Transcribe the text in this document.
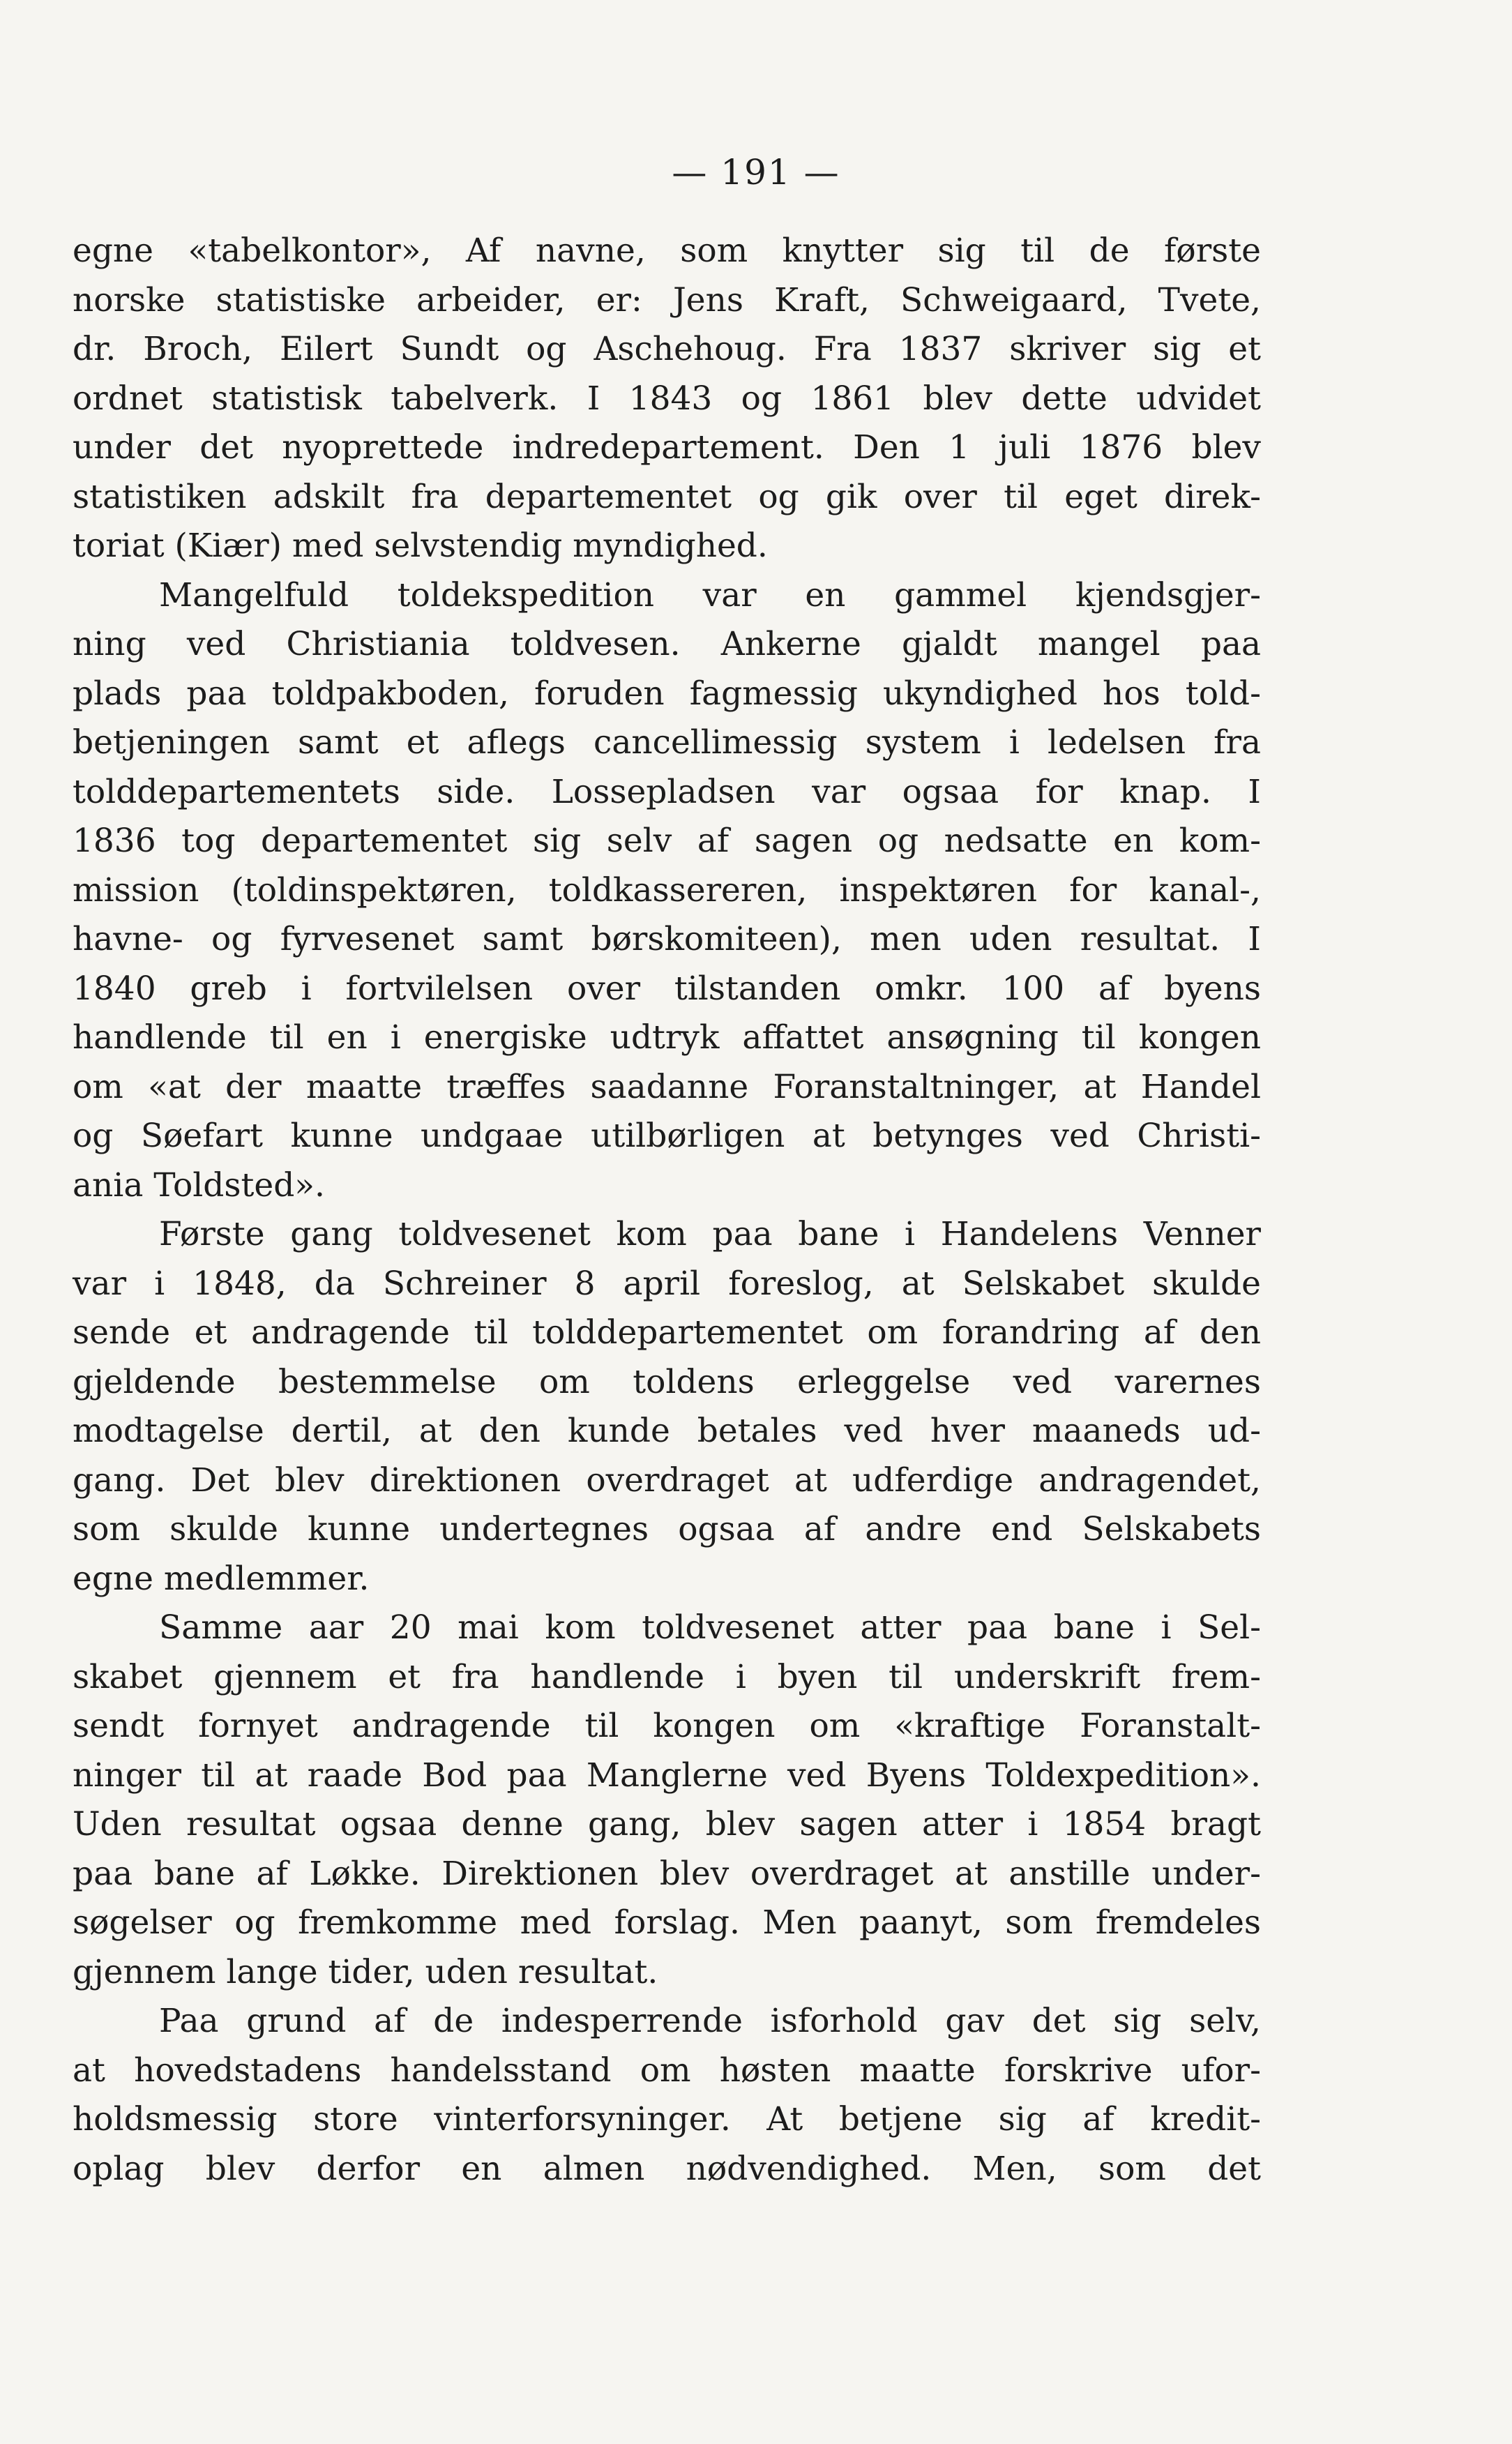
— 191 —
egne «tabelkontor», Af navne, som knytter sig til de første
norske statistiske arbeider, er: Jens Kraft, Schweigaard, Tvete,
dr. Broch, Eilert Sundt og Aschehoug. Fra 1837 skriver sig et
ordnet statistisk tabelverk. I 1843 og 1861 blev dette udvidet
under det nyoprettede indredepartement. Den 1 juli 1876 blev
statistiken adskilt fra departementet og gik over til eget direk-
toriat (Kiær) med selvstendig myndighed.
Mangelfuld toldekspedition var en gammel kjendsgjer-
ning ved Christiania toldvesen. Ankerne gjaldt mangel paa
plads paa toldpakboden, foruden fagmessig ukyndighed hos told-
betjeningen samt et aflegs cancellimessig system i ledelsen fra
tolddepartementets side. Lossepladsen var ogsaa for knap. I
1836 tog departementet sig selv af sagen og nedsatte en kom-
mission (toldinspektøren, toldkassereren, inspektøren for kanal-,
havne- og fyrvesenet samt børskomiteen), men uden resultat. I
1840 greb i fortvilelsen over tilstanden omkr. 100 af byens
handlende til en i energiske udtryk affattet ansøgning til kongen
om «at der maatte træffes saadanne Foranstaltninger, at Handel
og Søefart kunne undgaae utilbørligen at betynges ved Christi-
ania Toldsted».
Første gang toldvesenet kom paa bane i Handelens Venner
var i 1848, da Schreiner 8 april foreslog, at Selskabet skulde
sende et andragende til tolddepartementet om forandring af den
gjeldende bestemmelse om toldens erleggelse ved varernes
modtagelse dertil, at den kunde betales ved hver maaneds ud-
gang. Det blev direktionen overdraget at udferdige andragendet,
som skulde kunne undertegnes ogsaa af andre end Selskabets
egne medlemmer.
Samme aar 20 mai kom toldvesenet atter paa bane i Sel-
skabet gjennem et fra handlende i byen til underskrift frem-
sendt fornyet andragende til kongen om «kraftige Foranstalt-
ninger til at raade Bod paa Manglerne ved Byens Toldexpedition».
Uden resultat ogsaa denne gang, blev sagen atter i 1854 bragt
paa bane af Løkke. Direktionen blev overdraget at anstille under-
søgelser og fremkomme med forslag. Men paanyt, som fremdeles
gjennem lange tider, uden resultat.
Paa grund af de indesperrende isforhold gav det sig selv,
at hovedstadens handelsstand om høsten maatte forskrive ufor-
holdsmessig store vinterforsyninger. At betjene sig af kredit-
oplag blev derfor en almen nødvendighed. Men, som det
